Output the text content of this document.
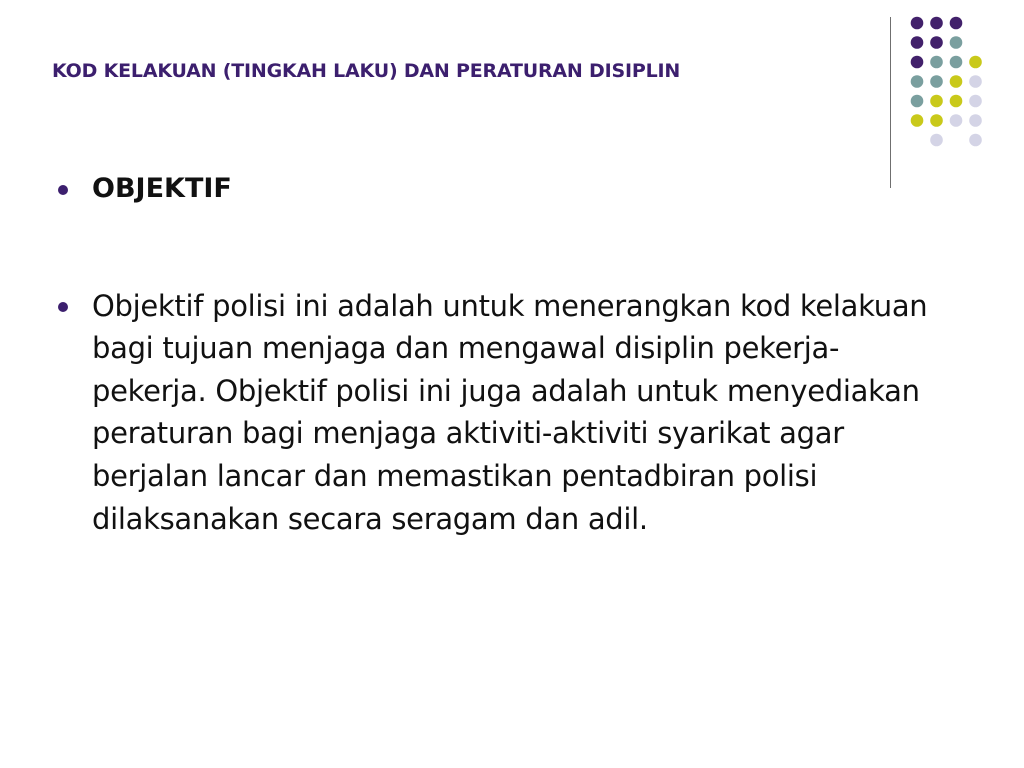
KOD KELAKUAN (TINGKAH LAKU) DAN PERATURAN DISIPLIN
OBJEKTIF
Objektif polisi ini adalah untuk menerangkan kod kelakuan bagi tujuan menjaga dan mengawal disiplin pekerja-pekerja. Objektif polisi ini juga adalah untuk menyediakan peraturan bagi menjaga aktiviti-aktiviti syarikat agar berjalan lancar dan memastikan pentadbiran polisi dilaksanakan secara seragam dan adil.
